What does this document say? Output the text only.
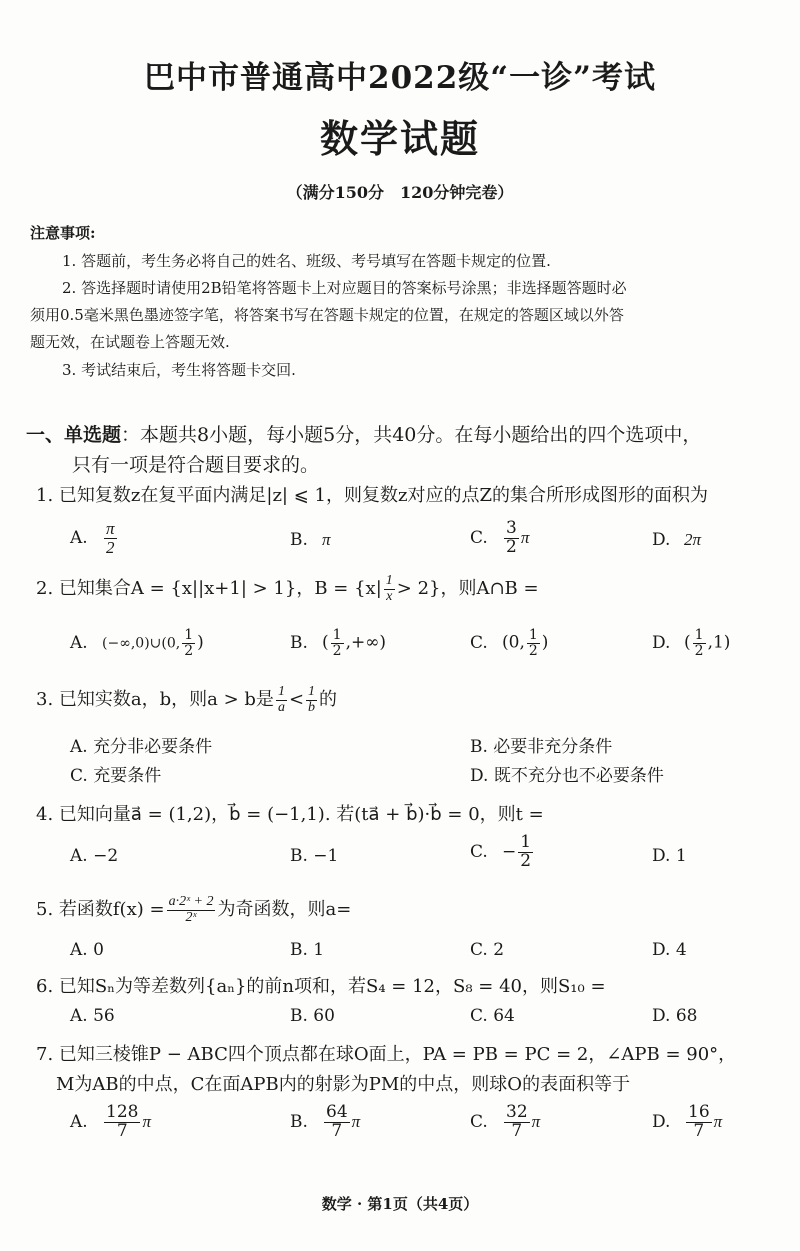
巴中市普通高中2022级“一诊”考试
数学试题
（满分150分　120分钟完卷）
注意事项:
1. 答题前，考生务必将自己的姓名、班级、考号填写在答题卡规定的位置.
2. 答选择题时请使用2B铅笔将答题卡上对应题目的答案标号涂黑；非选择题答题时必
须用0.5毫米黑色墨迹签字笔，将答案书写在答题卡规定的位置，在规定的答题区域以外答
题无效，在试题卷上答题无效.
3. 考试结束后，考生将答题卡交回.
一、单选题：本题共8小题，每小题5分，共40分。在每小题给出的四个选项中，
只有一项是符合题目要求的。
1. 已知复数z在复平面内满足|z| ⩽ 1，则复数z对应的点Z的集合所形成图形的面积为
A. $\frac{\pi}{2}$	B. π	C. $\frac{3}{2}$ π	D. 2π
2. 已知集合A = {x||x+1| > 1}，$B = \{x| \frac{1}{x} > 2\}$，则A∩B =
A. (−∞,0)∪(0, $\frac{1}{2}$ )	B. ( $\frac{1}{2}$ ,+∞)	C. (0, $\frac{1}{2}$ )	D. ( $\frac{1}{2} ,1$)
3. 已知实数a，b，则a > b是 $\frac{1}{a} < \frac{1}{b}$ 的
A. 充分非必要条件	B. 必要非充分条件
C. 充要条件	D. 既不充分也不必要条件
4. 已知向量a⃗ = (1,2)，b⃗ = (−1,1). 若(ta⃗ + b⃗)·b⃗ = 0，则t =
A. −2	B. −1	C. − $\frac{1}{2}$	D. 1
5. 若函数$f(x) = \frac{\text{a·2ˣ + 2}}{\text{2ˣ}}$ 为奇函数，则a=
A. 0	B. 1	C. 2	D. 4
6. 已知Sₙ为等差数列{aₙ}的前n项和，若S₄ = 12，S₈ = 40，则S₁₀ =
A. 56	B. 60	C. 64	D. 68
7. 已知三棱锥P − ABC四个顶点都在球O面上，PA = PB = PC = 2，∠APB = 90°，
M为AB的中点，C在面APB内的射影为PM的中点，则球O的表面积等于
A. $\frac{128}{7}$ π	B. $\frac{64}{7}$ π	C. $\frac{32}{7}$ π	D. $\frac{16}{7}$ π
数学 · 第1页（共4页）
